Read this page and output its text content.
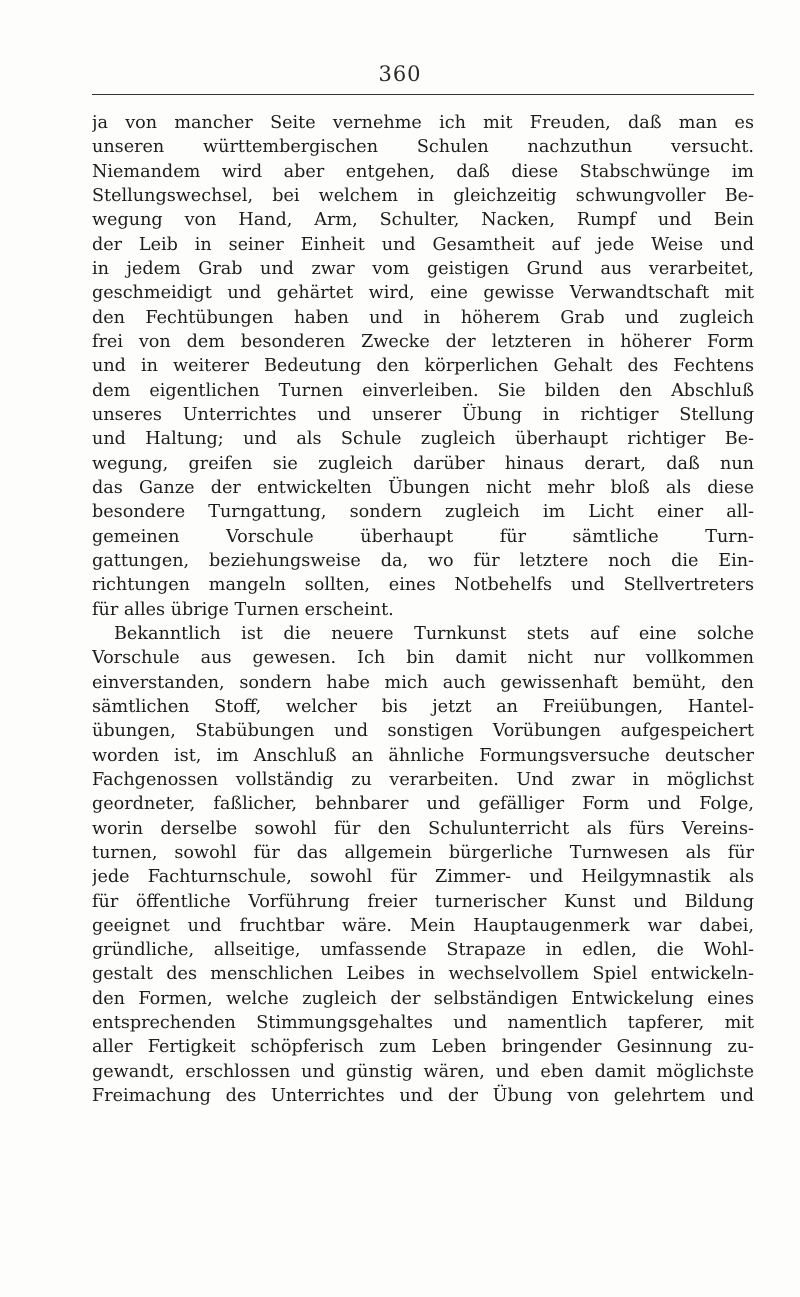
360
ja von mancher Seite vernehme ich mit Freuden, daß man es
unseren württembergischen Schulen nachzuthun versucht.
Niemandem wird aber entgehen, daß diese Stabschwünge im
Stellungswechsel, bei welchem in gleichzeitig schwungvoller Be-
wegung von Hand, Arm, Schulter, Nacken, Rumpf und Bein
der Leib in seiner Einheit und Gesamtheit auf jede Weise und
in jedem Grab und zwar vom geistigen Grund aus verarbeitet,
geschmeidigt und gehärtet wird, eine gewisse Verwandtschaft mit
den Fechtübungen haben und in höherem Grab und zugleich
frei von dem besonderen Zwecke der letzteren in höherer Form
und in weiterer Bedeutung den körperlichen Gehalt des Fechtens
dem eigentlichen Turnen einverleiben. Sie bilden den Abschluß
unseres Unterrichtes und unserer Übung in richtiger Stellung
und Haltung; und als Schule zugleich überhaupt richtiger Be-
wegung, greifen sie zugleich darüber hinaus derart, daß nun
das Ganze der entwickelten Übungen nicht mehr bloß als diese
besondere Turngattung, sondern zugleich im Licht einer all-
gemeinen Vorschule überhaupt für sämtliche Turn-
gattungen, beziehungsweise da, wo für letztere noch die Ein-
richtungen mangeln sollten, eines Notbehelfs und Stellvertreters
für alles übrige Turnen erscheint.
Bekanntlich ist die neuere Turnkunst stets auf eine solche
Vorschule aus gewesen. Ich bin damit nicht nur vollkommen
einverstanden, sondern habe mich auch gewissenhaft bemüht, den
sämtlichen Stoff, welcher bis jetzt an Freiübungen, Hantel-
übungen, Stabübungen und sonstigen Vorübungen aufgespeichert
worden ist, im Anschluß an ähnliche Formungsversuche deutscher
Fachgenossen vollständig zu verarbeiten. Und zwar in möglichst
geordneter, faßlicher, behnbarer und gefälliger Form und Folge,
worin derselbe sowohl für den Schulunterricht als fürs Vereins-
turnen, sowohl für das allgemein bürgerliche Turnwesen als für
jede Fachturnschule, sowohl für Zimmer- und Heilgymnastik als
für öffentliche Vorführung freier turnerischer Kunst und Bildung
geeignet und fruchtbar wäre. Mein Hauptaugenmerk war dabei,
gründliche, allseitige, umfassende Strapaze in edlen, die Wohl-
gestalt des menschlichen Leibes in wechselvollem Spiel entwickeln-
den Formen, welche zugleich der selbständigen Entwickelung eines
entsprechenden Stimmungsgehaltes und namentlich tapferer, mit
aller Fertigkeit schöpferisch zum Leben bringender Gesinnung zu-
gewandt, erschlossen und günstig wären, und eben damit möglichste
Freimachung des Unterrichtes und der Übung von gelehrtem und
